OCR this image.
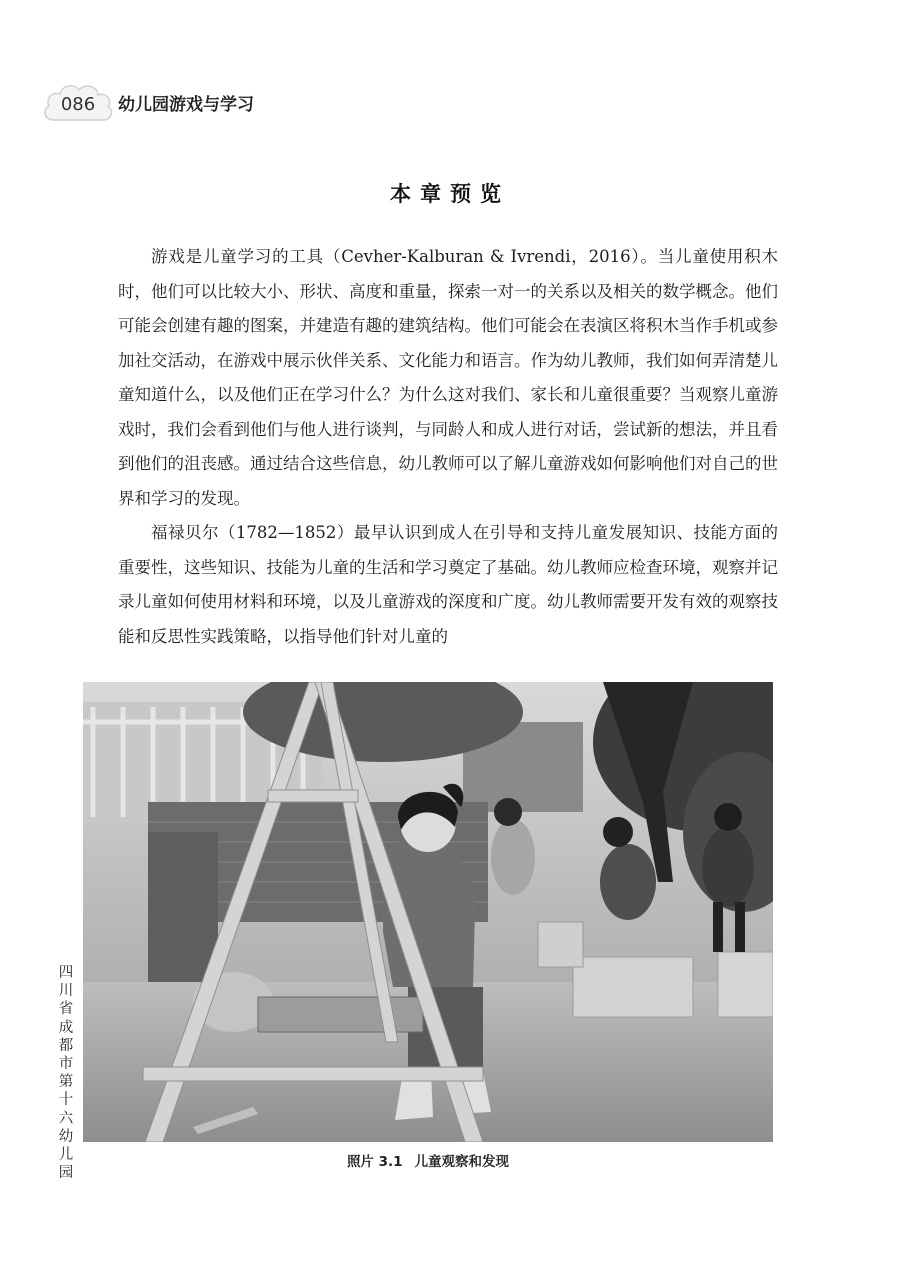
086	幼儿园游戏与学习
本章预览

游戏是儿童学习的工具（Cevher-Kalburan & Ivrendi，2016）。当儿童使用积木时，他们可以比较大小、形状、高度和重量，探索一对一的关系以及相关的数学概念。他们可能会创建有趣的图案，并建造有趣的建筑结构。他们可能会在表演区将积木当作手机或参加社交活动，在游戏中展示伙伴关系、文化能力和语言。作为幼儿教师，我们如何弄清楚儿童知道什么，以及他们正在学习什么？为什么这对我们、家长和儿童很重要？当观察儿童游戏时，我们会看到他们与他人进行谈判，与同龄人和成人进行对话，尝试新的想法，并且看到他们的沮丧感。通过结合这些信息，幼儿教师可以了解儿童游戏如何影响他们对自己的世界和学习的发现。

福禄贝尔（1782—1852）最早认识到成人在引导和支持儿童发展知识、技能方面的重要性，这些知识、技能为儿童的生活和学习奠定了基础。幼儿教师应检查环境，观察并记录儿童如何使用材料和环境，以及儿童游戏的深度和广度。幼儿教师需要开发有效的观察技能和反思性实践策略，以指导他们针对儿童的

照片 3.1 儿童观察和发现
四川省成都市第十六幼儿园
